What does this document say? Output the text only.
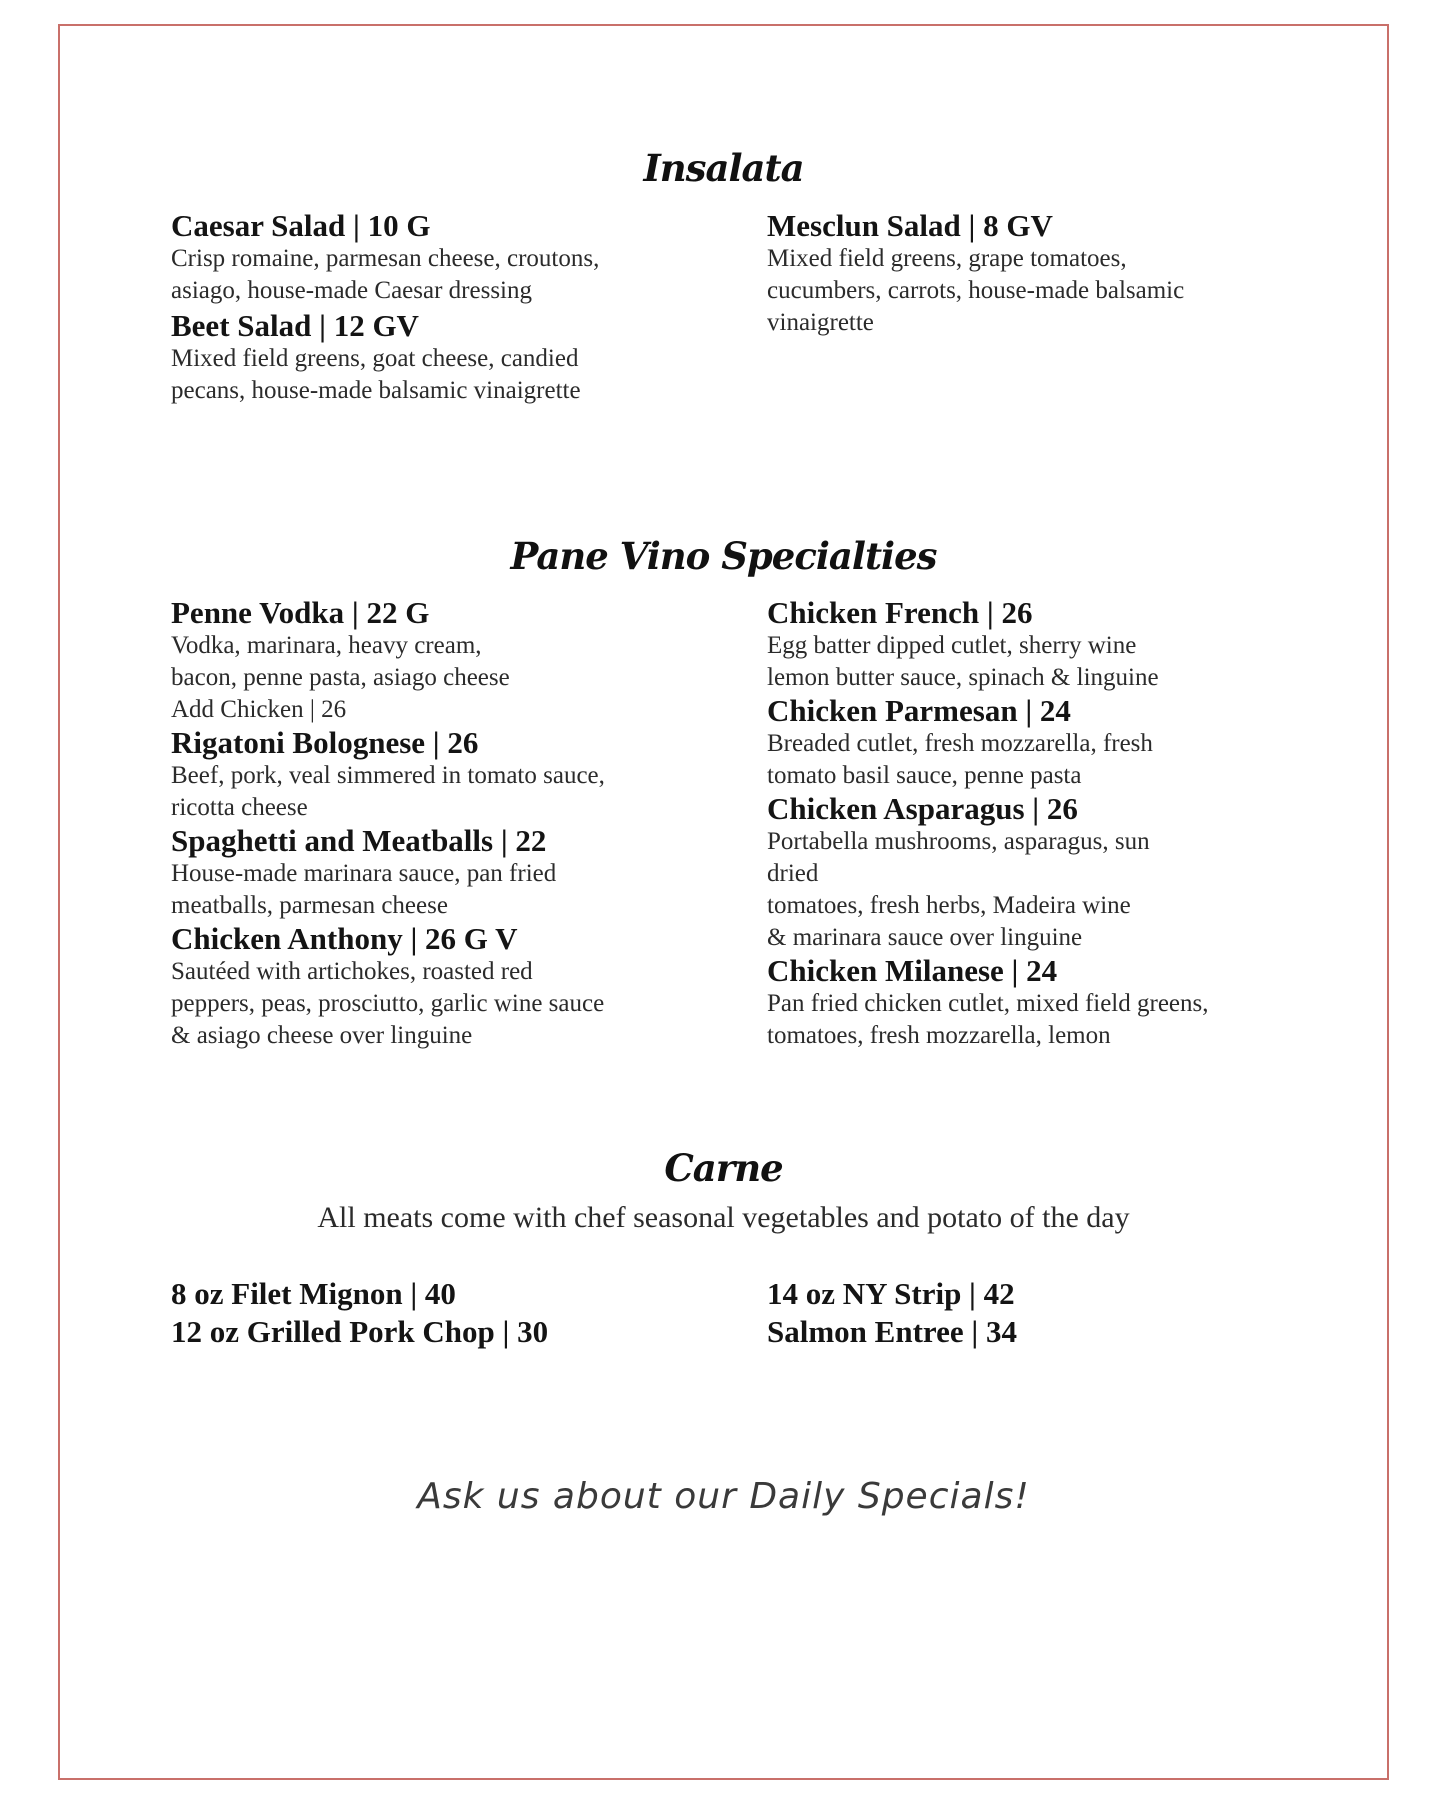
Insalata
Caesar Salad | 10 G
Crisp romaine, parmesan cheese, croutons,
asiago, house-made Caesar dressing
Beet Salad | 12 GV
Mixed field greens, goat cheese, candied
pecans, house-made balsamic vinaigrette
Mesclun Salad | 8 GV
Mixed field greens, grape tomatoes,
cucumbers, carrots, house-made balsamic
vinaigrette
Pane Vino Specialties
Penne Vodka | 22 G
Vodka, marinara, heavy cream,
bacon, penne pasta, asiago cheese
Add Chicken | 26
Rigatoni Bolognese | 26
Beef, pork, veal simmered in tomato sauce,
ricotta cheese
Spaghetti and Meatballs | 22
House-made marinara sauce, pan fried
meatballs, parmesan cheese
Chicken Anthony | 26 G V
Sautéed with artichokes, roasted red
peppers, peas, prosciutto, garlic wine sauce
& asiago cheese over linguine
Chicken French | 26
Egg batter dipped cutlet, sherry wine
lemon butter sauce, spinach & linguine
Chicken Parmesan | 24
Breaded cutlet, fresh mozzarella, fresh
tomato basil sauce, penne pasta
Chicken Asparagus | 26
Portabella mushrooms, asparagus, sun
dried
tomatoes, fresh herbs, Madeira wine
& marinara sauce over linguine
Chicken Milanese | 24
Pan fried chicken cutlet, mixed field greens,
tomatoes, fresh mozzarella, lemon
Carne
All meats come with chef seasonal vegetables and potato of the day
8 oz Filet Mignon | 40
12 oz Grilled Pork Chop | 30
14 oz NY Strip | 42
Salmon Entree | 34
Ask us about our Daily Specials!
